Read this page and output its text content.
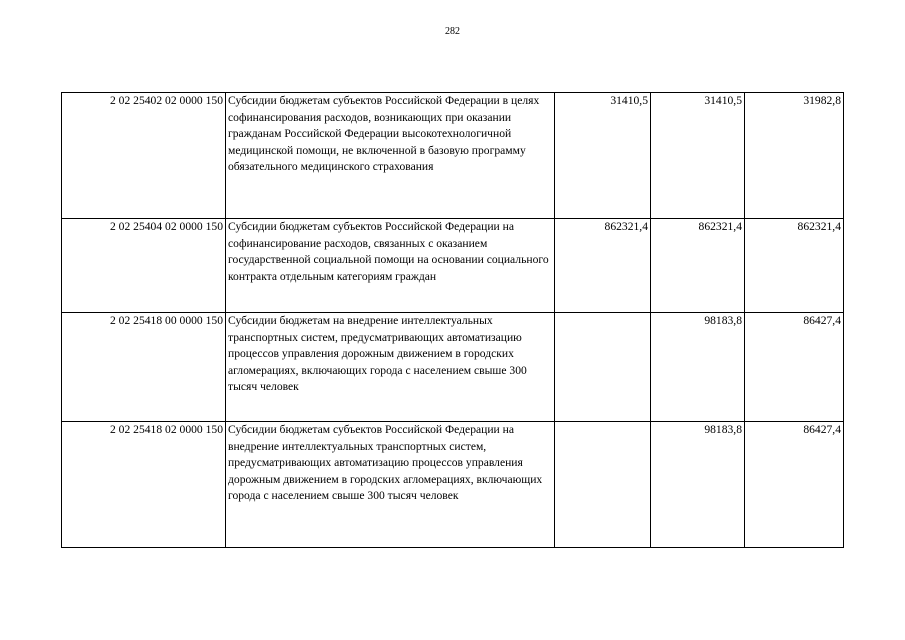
282
2 02 25402 02 0000 150	Субсидии бюджетам субъектов Российской Федерации в целях софинансирования расходов, возникающих при оказании гражданам Российской Федерации высокотехнологичной медицинской помощи, не включенной в базовую программу обязательного медицинского страхования	31410,5	31410,5	31982,8
2 02 25404 02 0000 150	Субсидии бюджетам субъектов Российской Федерации на софинансирование расходов, связанных с оказанием государственной социальной помощи на основании социального контракта отдельным категориям граждан	862321,4	862321,4	862321,4
2 02 25418 00 0000 150	Субсидии бюджетам на внедрение интеллектуальных транспортных систем, предусматривающих автоматизацию процессов управления дорожным движением в городских агломерациях, включающих города с населением свыше 300 тысяч человек		98183,8	86427,4
2 02 25418 02 0000 150	Субсидии бюджетам субъектов Российской Федерации на внедрение интеллектуальных транспортных систем, предусматривающих автоматизацию процессов управления дорожным движением в городских агломерациях, включающих города с населением свыше 300 тысяч человек		98183,8	86427,4
